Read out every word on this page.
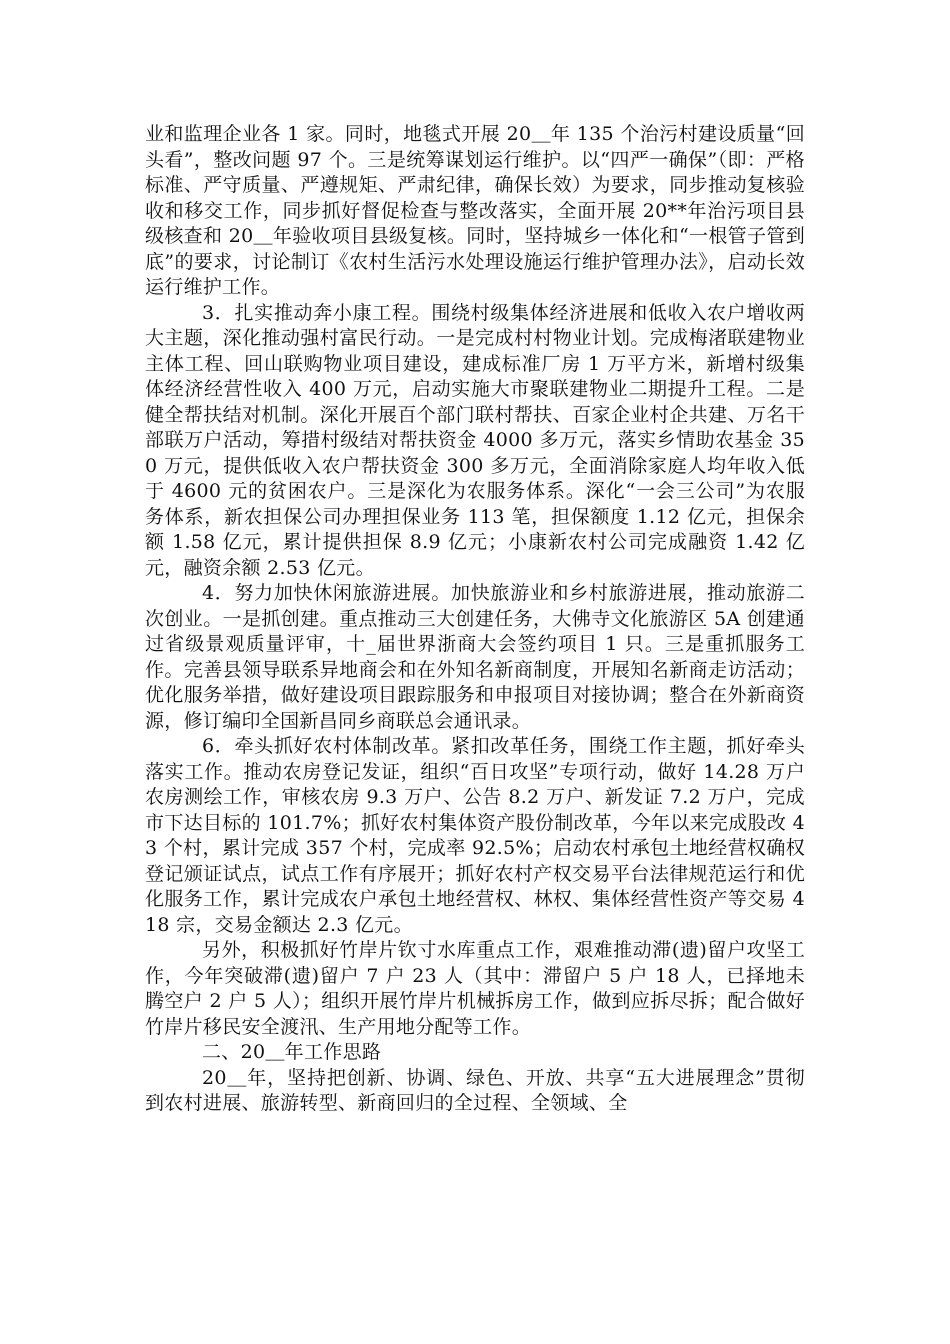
业和监理企业各 1 家。同时，地毯式开展 20＿年 135 个治污村建设质量“回头看”，整改问题 97 个。三是统筹谋划运行维护。以“四严一确保”（即：严格标准、严守质量、严遵规矩、严肃纪律，确保长效）为要求，同步推动复核验收和移交工作，同步抓好督促检查与整改落实，全面开展 20**年治污项目县级核查和 20＿年验收项目县级复核。同时，坚持城乡一体化和“一根管子管到底”的要求，讨论制订《农村生活污水处理设施运行维护管理办法》，启动长效运行维护工作。

3．扎实推动奔小康工程。围绕村级集体经济进展和低收入农户增收两大主题，深化推动强村富民行动。一是完成村村物业计划。完成梅渚联建物业主体工程、回山联购物业项目建设，建成标准厂房 1 万平方米，新增村级集体经济经营性收入 400 万元，启动实施大市聚联建物业二期提升工程。二是健全帮扶结对机制。深化开展百个部门联村帮扶、百家企业村企共建、万名干部联万户活动，筹措村级结对帮扶资金 4000 多万元，落实乡情助农基金 350 万元，提供低收入农户帮扶资金 300 多万元，全面消除家庭人均年收入低于 4600 元的贫困农户。三是深化为农服务体系。深化“一会三公司”为农服务体系，新农担保公司办理担保业务 113 笔，担保额度 1.12 亿元，担保余额 1.58 亿元，累计提供担保 8.9 亿元；小康新农村公司完成融资 1.42 亿元，融资余额 2.53 亿元。

4．努力加快休闲旅游进展。加快旅游业和乡村旅游进展，推动旅游二次创业。一是抓创建。重点推动三大创建任务，大佛寺文化旅游区 5A 创建通过省级景观质量评审，十_届世界浙商大会签约项目 1 只。三是重抓服务工作。完善县领导联系异地商会和在外知名新商制度，开展知名新商走访活动；优化服务举措，做好建设项目跟踪服务和申报项目对接协调；整合在外新商资源，修订编印全国新昌同乡商联总会通讯录。

6．牵头抓好农村体制改革。紧扣改革任务，围绕工作主题，抓好牵头落实工作。推动农房登记发证，组织“百日攻坚”专项行动，做好 14.28 万户农房测绘工作，审核农房 9.3 万户、公告 8.2 万户、新发证 7.2 万户，完成市下达目标的 101.7%；抓好农村集体资产股份制改革，今年以来完成股改 43 个村，累计完成 357 个村，完成率 92.5%；启动农村承包土地经营权确权登记颁证试点，试点工作有序展开；抓好农村产权交易平台法律规范运行和优化服务工作，累计完成农户承包土地经营权、林权、集体经营性资产等交易 418 宗，交易金额达 2.3 亿元。

另外，积极抓好竹岸片钦寸水库重点工作，艰难推动滞(遗)留户攻坚工作，今年突破滞(遗)留户 7 户 23 人（其中：滞留户 5 户 18 人，已择地未腾空户 2 户 5 人）；组织开展竹岸片机械拆房工作，做到应拆尽拆；配合做好竹岸片移民安全渡汛、生产用地分配等工作。

二、20＿年工作思路

20＿年，坚持把创新、协调、绿色、开放、共享“五大进展理念”贯彻到农村进展、旅游转型、新商回归的全过程、全领域、全
